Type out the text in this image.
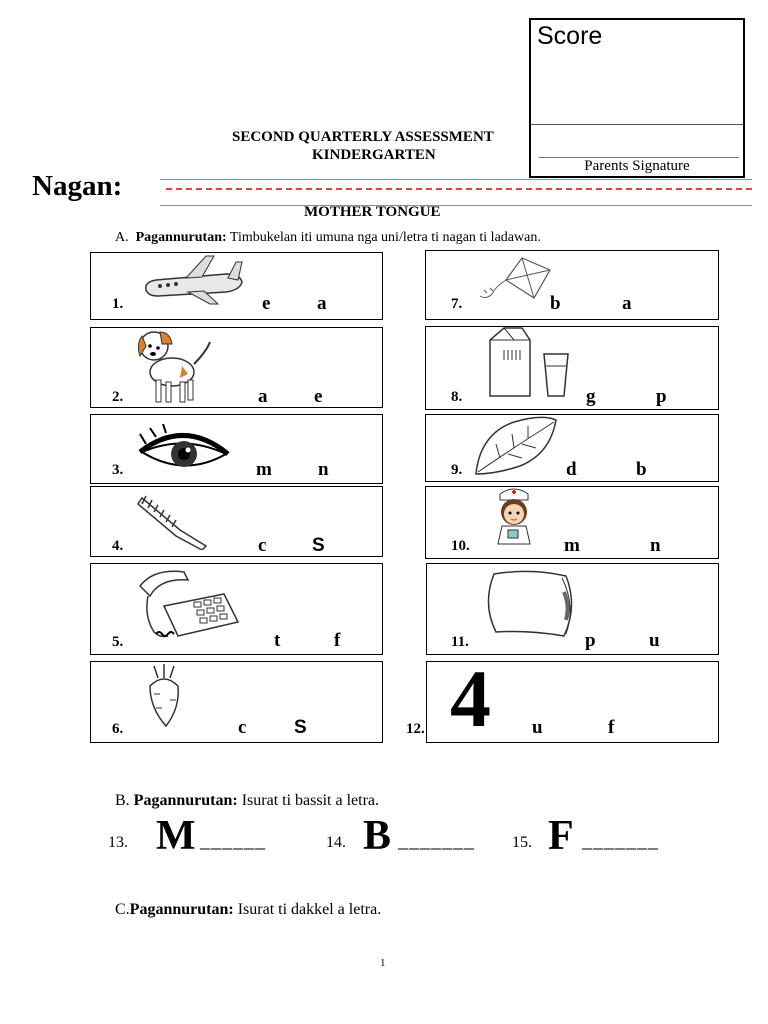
Score
Parents Signature
SECOND QUARTERLY ASSESSMENT
KINDERGARTEN
Nagan:
MOTHER TONGUE
A. Pagannurutan: Timbukelan iti umuna nga uni/letra ti nagan ti ladawan.
1.	e a
2.	a e
3.	m n
4.	c S
5.	t	f
6.	c	S
7.	b	a
8.	g	p
9.	d	b
10.	m	n
11.	p	u
12. 4 u	f
B. Pagannurutan: Isurat ti bassit a letra.
13. M ______	14. B _______ 15. F _______
C.Pagannurutan: Isurat ti dakkel a letra.
1
